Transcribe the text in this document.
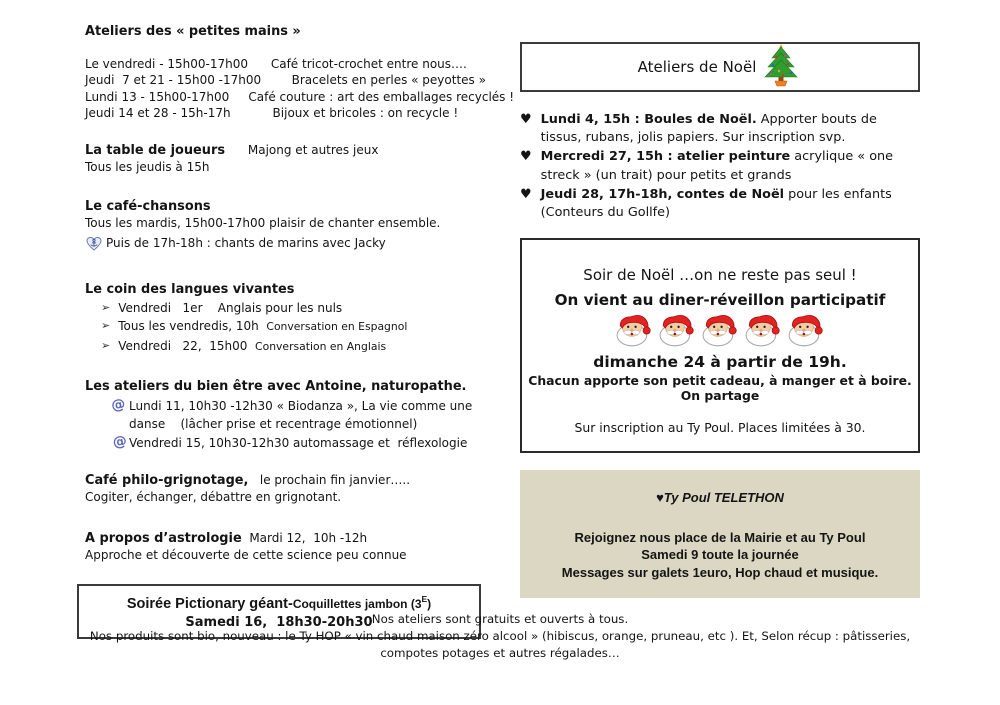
Ateliers des « petites mains »
Le vendredi - 15h00-17h00      Café tricot-crochet entre nous….
Jeudi  7 et 21 - 15h00 -17h00        Bracelets en perles « peyottes »
Lundi 13 - 15h00-17h00     Café couture : art des emballages recyclés !
Jeudi 14 et 28 - 15h-17h           Bijoux et bricoles : on recycle !
La table de joueurs      Majong et autres jeux
Tous les jeudis à 15h
Le café-chansons
Tous les mardis, 15h00-17h00 plaisir de chanter ensemble.
Puis de 17h-18h : chants de marins avec Jacky
Le coin des langues vivantes
➢ Vendredi   1er    Anglais pour les nuls
➢ Tous les vendredis, 10h  Conversation en Espagnol
➢ Vendredi   22,  15h00  Conversation en Anglais
Les ateliers du bien être avec Antoine, naturopathe.
@ Lundi 11, 10h30 -12h30 « Biodanza », La vie comme une danse    (lâcher prise et recentrage émotionnel)
@ Vendredi 15, 10h30-12h30 automassage et  réflexologie
Café philo-grignotage,   le prochain fin janvier…..
Cogiter, échanger, débattre en grignotant.
A propos d’astrologie  Mardi 12,  10h -12h
Approche et découverte de cette science peu connue
Soirée Pictionary géant-Coquillettes jambon $(3^E)$
Samedi 16,  18h30-20h30
Ateliers de Noël
♥ Lundi 4, 15h : Boules de Noël. Apporter bouts de tissus, rubans, jolis papiers. Sur inscription svp.
♥ Mercredi 27, 15h : atelier peinture acrylique « one streck » (un trait) pour petits et grands
♥ Jeudi 28, 17h-18h, contes de Noël pour les enfants (Conteurs du Gollfe)
Soir de Noël …on ne reste pas seul !
On vient au diner-réveillon participatif

dimanche 24 à partir de 19h.
Chacun apporte son petit cadeau, à manger et à boire. On partage
Sur inscription au Ty Poul. Places limitées à 30.
♥Ty Poul TELETHON
Rejoignez nous place de la Mairie et au Ty Poul
Samedi 9 toute la journée
Messages sur galets 1euro, Hop chaud et musique.
Nos ateliers sont gratuits et ouverts à tous.
Nos produits sont bio, nouveau : le Ty HOP « vin chaud maison zéro alcool » (hibiscus, orange, pruneau, etc ). Et, Selon récup : pâtisseries,
compotes potages et autres régalades…
